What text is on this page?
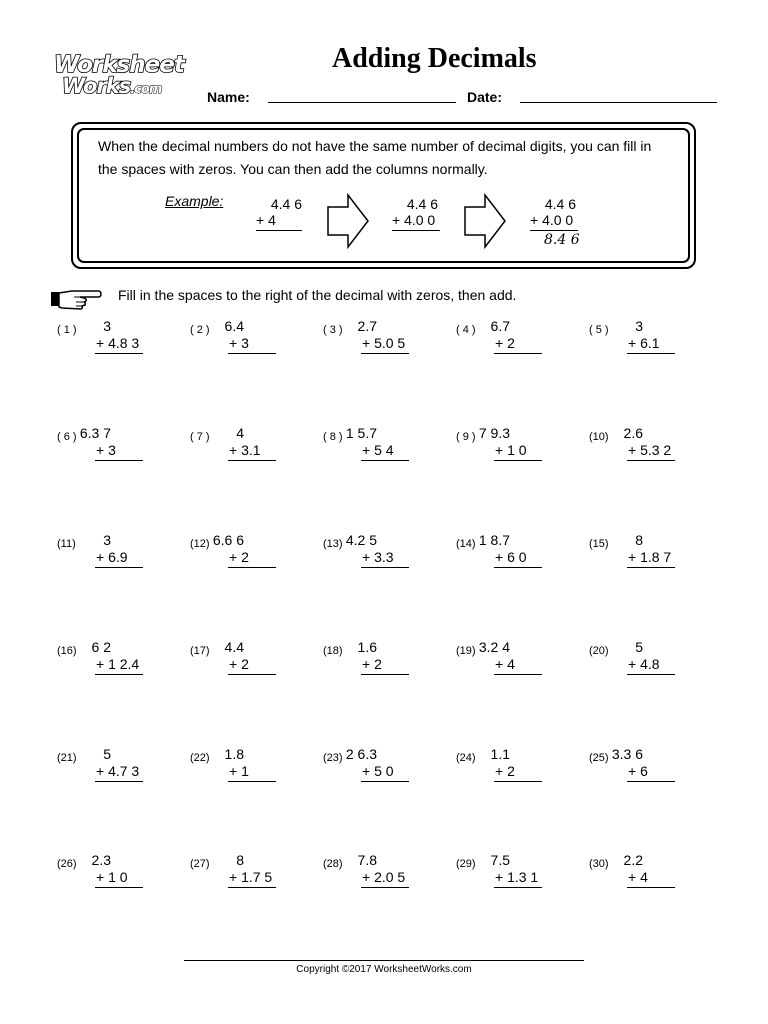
Worksheet
Works.com
Adding Decimals
Name:	Date:
When the decimal numbers do not have the same number of decimal digits, you can fill in the spaces with zeros. You can then add the columns normally.
Example:	4.4 6
+ 4
4.4 6
+ 4.0 0
4.4 6
+ 4.0 0
8.4 6
Fill in the spaces to the right of the decimal with zeros, then add.
( 1 ) 3
+ 4.8 3
( 2 ) 6.4
+ 3
( 3 ) 2.7
+ 5.0 5
( 4 ) 6.7
+ 2
( 5 ) 3
+ 6.1
( 6 ) 6.3 7
+ 3
( 7 ) 4
+ 3.1
( 8 ) 1 5.7
+ 5 4
( 9 ) 7 9.3
+ 1 0
(10) 2.6
+ 5.3 2
(11) 3
+ 6.9
(12) 6.6 6
+ 2
(13) 4.2 5
+ 3.3
(14) 1 8.7
+ 6 0
(15) 8
+ 1.8 7
(16) 6 2
+ 1 2.4
(17) 4.4
+ 2
(18) 1.6
+ 2
(19) 3.2 4
+ 4
(20) 5
+ 4.8
(21) 5
+ 4.7 3
(22) 1.8
+ 1
(23) 2 6.3
+ 5 0
(24) 1.1
+ 2
(25) 3.3 6
+ 6
(26) 2.3
+ 1 0
(27) 8
+ 1.7 5
(28) 7.8
+ 2.0 5
(29) 7.5
+ 1.3 1
(30) 2.2
+ 4
Copyright ©2017 WorksheetWorks.com
